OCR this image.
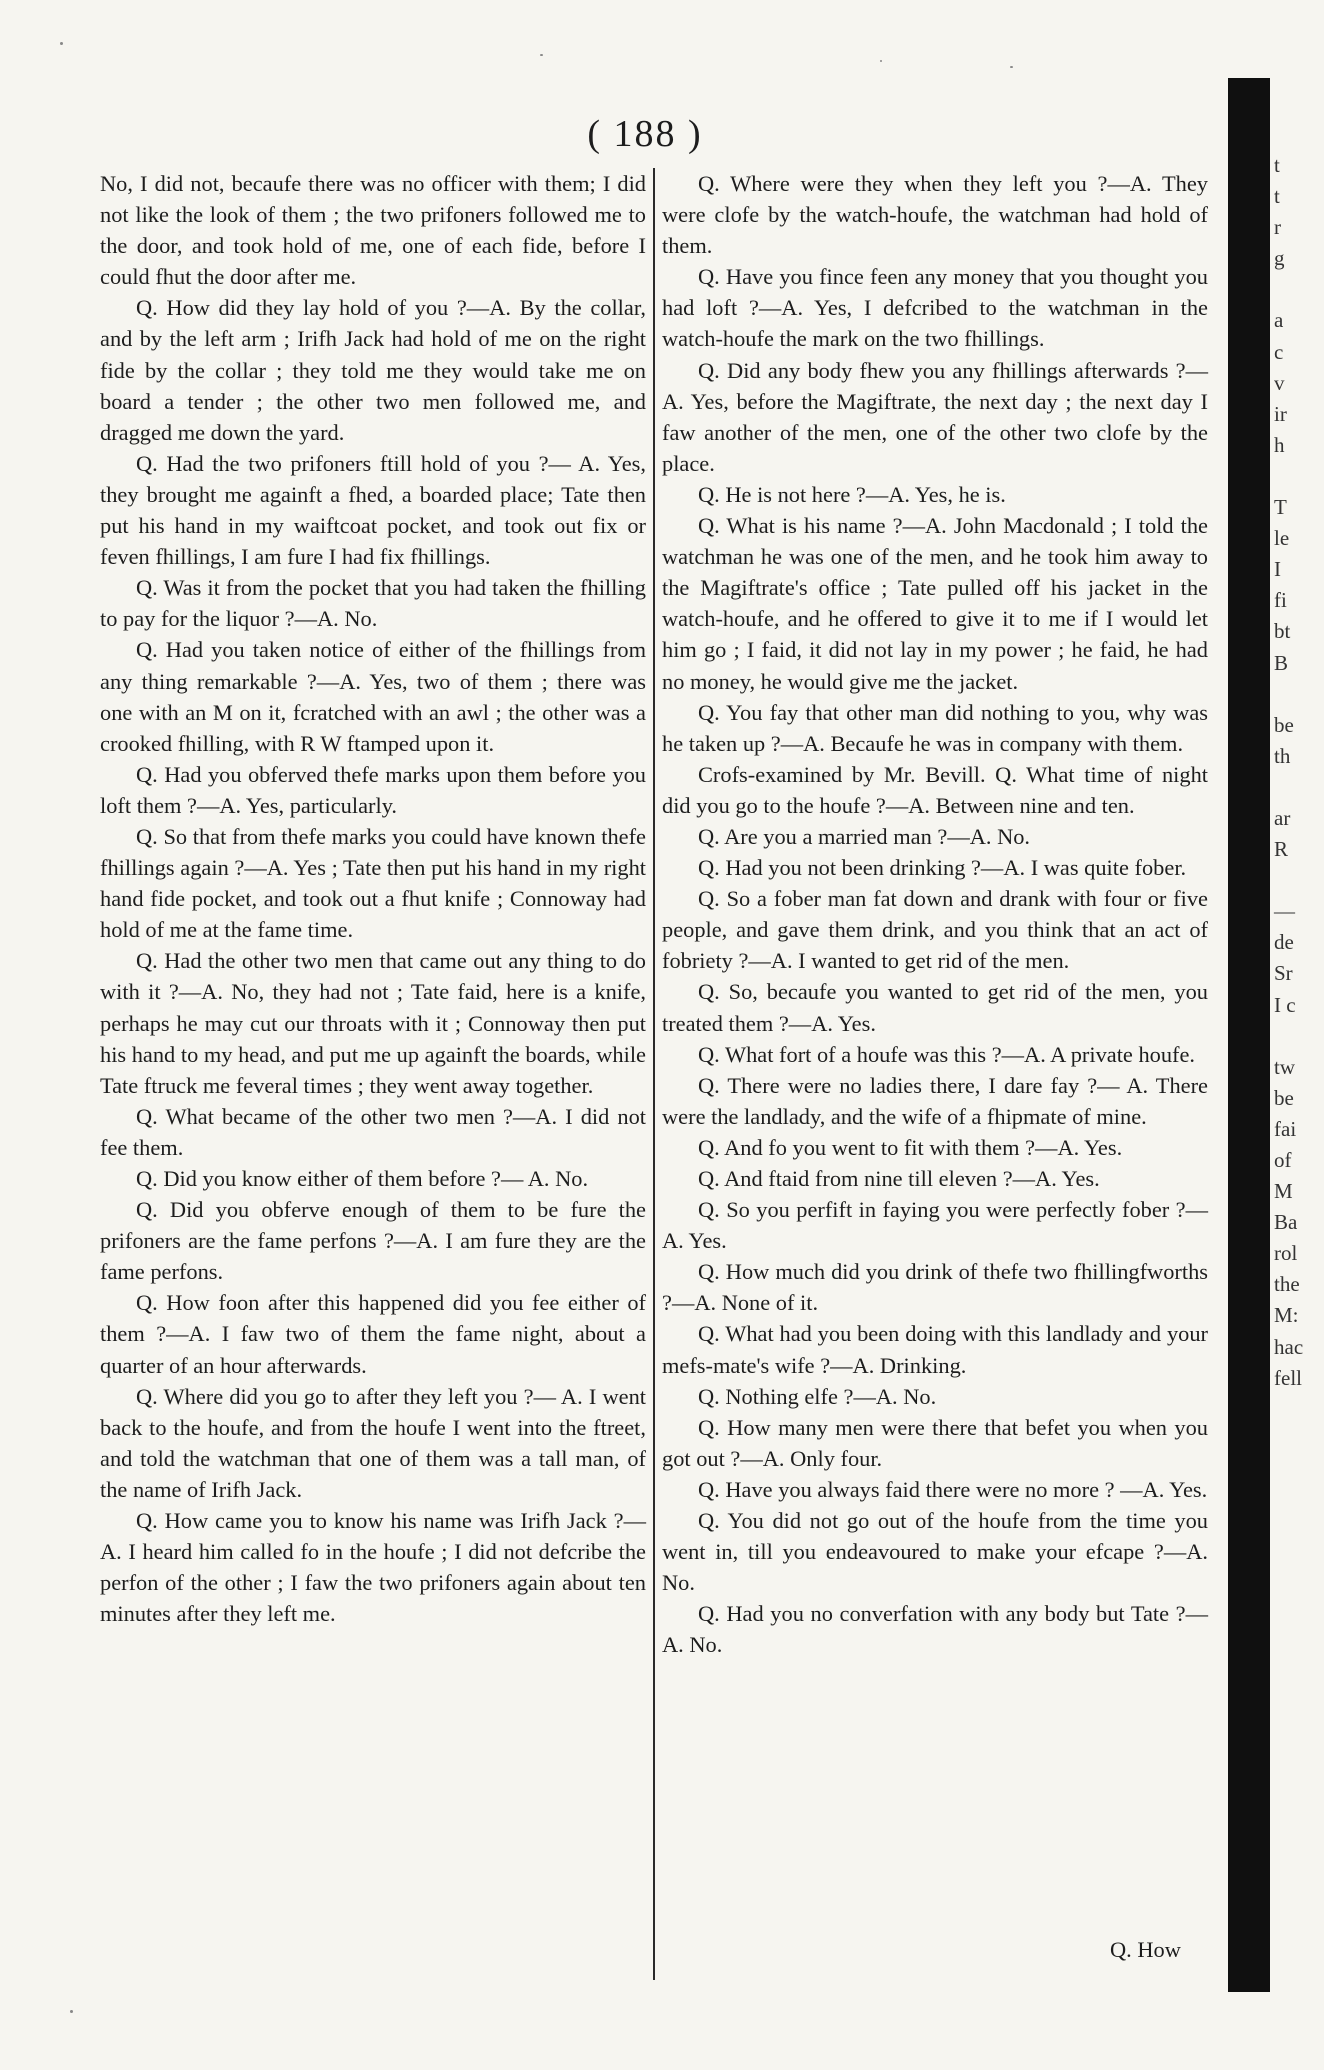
( 188 )

No, I did not, becaufe there was no officer with them; I did not like the look of them ; the two prifoners followed me to the door, and took hold of me, one of each fide, before I could fhut the door after me.

Q. How did they lay hold of you ?—A. By the collar, and by the left arm ; Irifh Jack had hold of me on the right fide by the collar ; they told me they would take me on board a tender ; the other two men followed me, and dragged me down the yard.

Q. Had the two prifoners ftill hold of you ?— A. Yes, they brought me againft a fhed, a boarded place; Tate then put his hand in my waiftcoat pocket, and took out fix or feven fhillings, I am fure I had fix fhillings.

Q. Was it from the pocket that you had taken the fhilling to pay for the liquor ?—A. No.

Q. Had you taken notice of either of the fhillings from any thing remarkable ?—A. Yes, two of them ; there was one with an M on it, fcratched with an awl ; the other was a crooked fhilling, with R W ftamped upon it.

Q. Had you obferved thefe marks upon them before you loft them ?—A. Yes, particularly.

Q. So that from thefe marks you could have known thefe fhillings again ?—A. Yes ; Tate then put his hand in my right hand fide pocket, and took out a fhut knife ; Connoway had hold of me at the fame time.

Q. Had the other two men that came out any thing to do with it ?—A. No, they had not ; Tate faid, here is a knife, perhaps he may cut our throats with it ; Connoway then put his hand to my head, and put me up againft the boards, while Tate ftruck me feveral times ; they went away together.

Q. What became of the other two men ?—A. I did not fee them.

Q. Did you know either of them before ?— A. No.

Q. Did you obferve enough of them to be fure the prifoners are the fame perfons ?—A. I am fure they are the fame perfons.

Q. How foon after this happened did you fee either of them ?—A. I faw two of them the fame night, about a quarter of an hour afterwards.

Q. Where did you go to after they left you ?— A. I went back to the houfe, and from the houfe I went into the ftreet, and told the watchman that one of them was a tall man, of the name of Irifh Jack.

Q. How came you to know his name was Irifh Jack ?—A. I heard him called fo in the houfe ; I did not defcribe the perfon of the other ; I faw the two prifoners again about ten minutes after they left me.

Q. Where were they when they left you ?—A. They were clofe by the watch-houfe, the watchman had hold of them.

Q. Have you fince feen any money that you thought you had loft ?—A. Yes, I defcribed to the watchman in the watch-houfe the mark on the two fhillings.

Q. Did any body fhew you any fhillings afterwards ?—A. Yes, before the Magiftrate, the next day ; the next day I faw another of the men, one of the other two clofe by the place.

Q. He is not here ?—A. Yes, he is.

Q. What is his name ?—A. John Macdonald ; I told the watchman he was one of the men, and he took him away to the Magiftrate's office ; Tate pulled off his jacket in the watch-houfe, and he offered to give it to me if I would let him go ; I faid, it did not lay in my power ; he faid, he had no money, he would give me the jacket.

Q. You fay that other man did nothing to you, why was he taken up ?—A. Becaufe he was in company with them.

Crofs-examined by Mr. Bevill. Q. What time of night did you go to the houfe ?—A. Between nine and ten.

Q. Are you a married man ?—A. No.

Q. Had you not been drinking ?—A. I was quite fober.

Q. So a fober man fat down and drank with four or five people, and gave them drink, and you think that an act of fobriety ?—A. I wanted to get rid of the men.

Q. So, becaufe you wanted to get rid of the men, you treated them ?—A. Yes.

Q. What fort of a houfe was this ?—A. A private houfe.

Q. There were no ladies there, I dare fay ?— A. There were the landlady, and the wife of a fhipmate of mine.

Q. And fo you went to fit with them ?—A. Yes.

Q. And ftaid from nine till eleven ?—A. Yes.

Q. So you perfift in faying you were perfectly fober ?—A. Yes.

Q. How much did you drink of thefe two fhillingfworths ?—A. None of it.

Q. What had you been doing with this landlady and your mefs-mate's wife ?—A. Drinking.

Q. Nothing elfe ?—A. No.

Q. How many men were there that befet you when you got out ?—A. Only four.

Q. Have you always faid there were no more ? —A. Yes.

Q. You did not go out of the houfe from the time you went in, till you endeavoured to make your efcape ?—A. No.

Q. Had you no converfation with any body but Tate ?—A. No.

Q. How
t
t
r
g
a
c
v
ir
h
T
le
I
fi
bt
B
be
th
ar
R
—
de
Sr
I c
tw
be
fai
of
M
Ba
rol
the
M:
hac
fell
